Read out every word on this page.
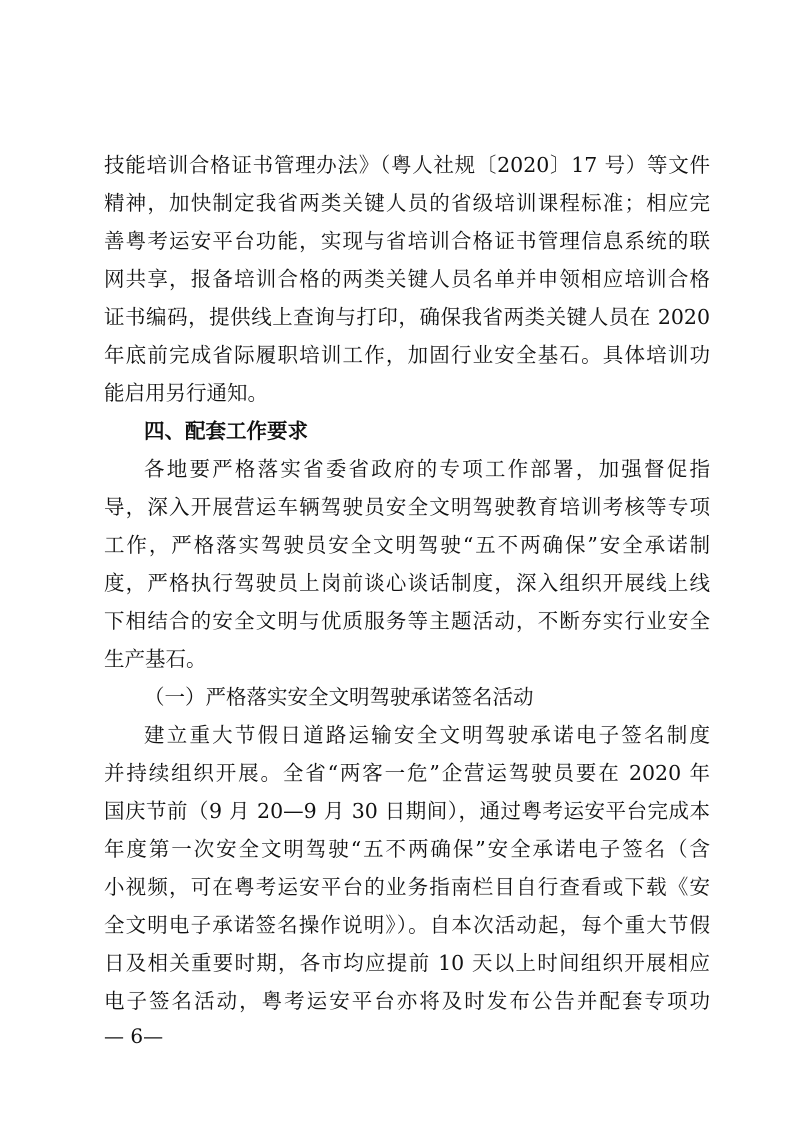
技能培训合格证书管理办法》（粤人社规〔2020〕17 号）等文件
精神，加快制定我省两类关键人员的省级培训课程标准；相应完
善粤考运安平台功能，实现与省培训合格证书管理信息系统的联
网共享，报备培训合格的两类关键人员名单并申领相应培训合格
证书编码，提供线上查询与打印，确保我省两类关键人员在 2020
年底前完成省际履职培训工作，加固行业安全基石。具体培训功
能启用另行通知。
四、配套工作要求
各地要严格落实省委省政府的专项工作部署，加强督促指
导，深入开展营运车辆驾驶员安全文明驾驶教育培训考核等专项
工作，严格落实驾驶员安全文明驾驶“五不两确保”安全承诺制
度，严格执行驾驶员上岗前谈心谈话制度，深入组织开展线上线
下相结合的安全文明与优质服务等主题活动，不断夯实行业安全
生产基石。
（一）严格落实安全文明驾驶承诺签名活动
建立重大节假日道路运输安全文明驾驶承诺电子签名制度
并持续组织开展。全省“两客一危”企营运驾驶员要在 2020 年
国庆节前（9 月 20—9 月 30 日期间），通过粤考运安平台完成本
年度第一次安全文明驾驶“五不两确保”安全承诺电子签名（含
小视频，可在粤考运安平台的业务指南栏目自行查看或下载《安
全文明电子承诺签名操作说明》）。自本次活动起，每个重大节假
日及相关重要时期，各市均应提前 10 天以上时间组织开展相应
电子签名活动，粤考运安平台亦将及时发布公告并配套专项功
— 6—
